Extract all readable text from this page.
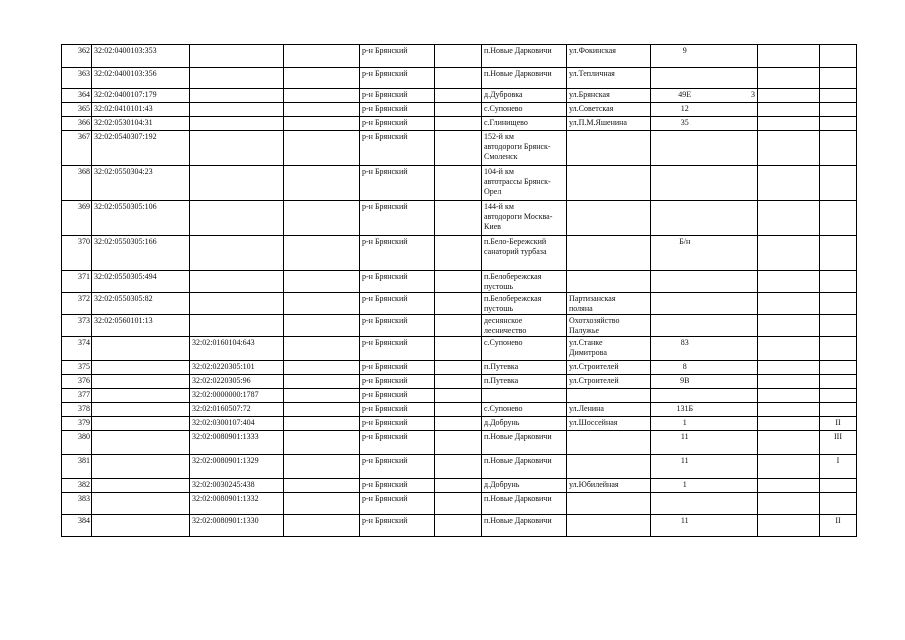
362	32:02:0400103:353			р-н Брянский		п.Новые Дарковичи	ул.Фокинская	9			
363	32:02:0400103:356			р-н Брянский		п.Новые Дарковичи	ул.Тепличная				
364	32:02:0400107:179			р-н Брянский		д.Дубровка	ул.Брянская	49Е	3		
365	32:02:0410101:43			р-н Брянский		с.Супонево	ул.Советская	12			
366	32:02:0530104:31			р-н Брянский		с.Глинищево	ул.П.М.Яшенина	35			
367	32:02:0540307:192			р-н Брянский		152-й км
автодороги Брянск-
Смоленск					
368	32:02:0550304:23			р-н Брянский		104-й км
автотрассы Брянск-
Орел					
369	32:02:0550305:106			р-н Брянский		144-й км
автодороги Москва-
Киев					
370	32:02:0550305:166			р-н Брянский		п.Бело-Бережский
санаторий турбаза		Б/н			
371	32:02:0550305:494			р-н Брянский		п.Белобережская
пустошь					
372	32:02:0550305:82			р-н Брянский		п.Белобережская
пустошь	Партизанская
поляна				
373	32:02:0560101:13			р-н Брянский		деснянское
лесничество	Охотхозяйство
Палужье				
374		32:02:0160104:643		р-н Брянский		с.Супонево	ул.Станке
Димитрова	83			
375		32:02:0220305:101		р-н Брянский		п.Путевка	ул.Строителей	8			
376		32:02:0220305:96		р-н Брянский		п.Путевка	ул.Строителей	9В			
377		32:02:0000000:1787		р-н Брянский							
378		32:02:0160507:72		р-н Брянский		с.Супонево	ул.Ленина	131Б			
379		32:02:0300107:404		р-н Брянский		д.Добрунь	ул.Шоссейная	1			II
380		32:02:0080901:1333		р-н Брянский		п.Новые Дарковичи		11			III
381		32:02:0080901:1329		р-н Брянский		п.Новые Дарковичи		11			I
382		32:02:0030245:438		р-н Брянский		д.Добрунь	ул.Юбилейная	1			
383		32:02:0080901:1332		р-н Брянский		п.Новые Дарковичи					
384		32:02:0080901:1330		р-н Брянский		п.Новые Дарковичи		11			II
